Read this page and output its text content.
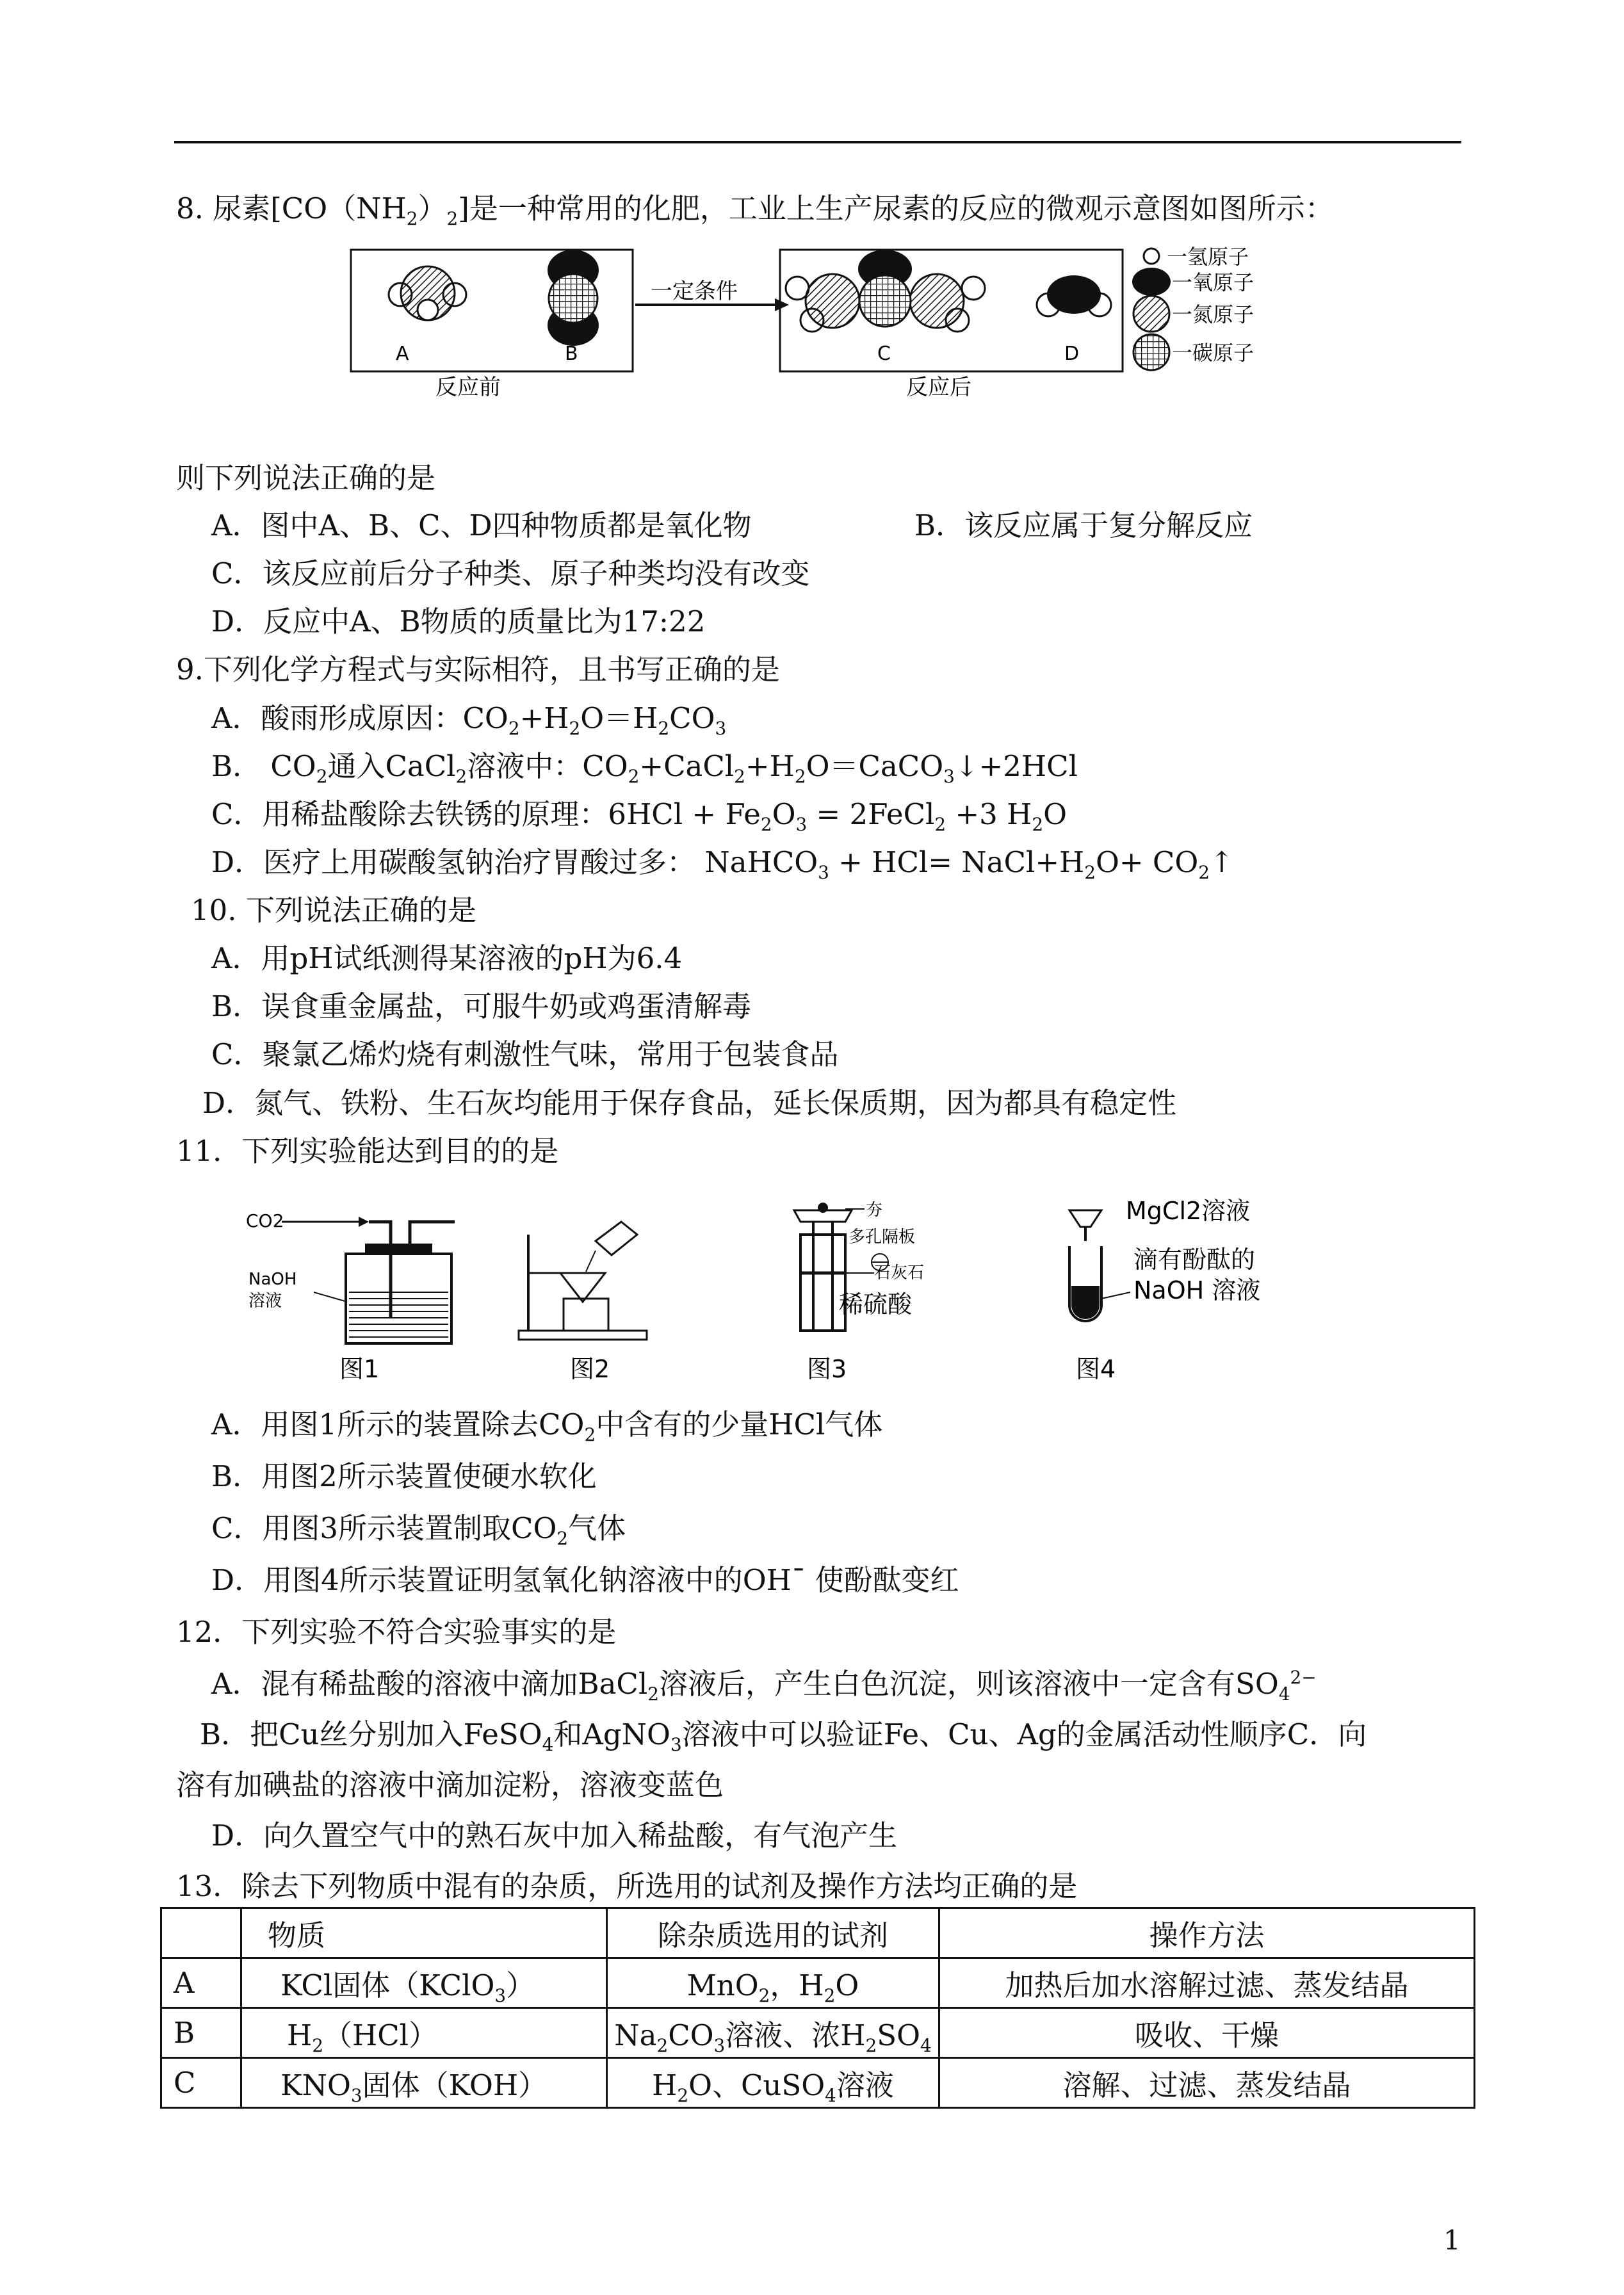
8. 尿素$[CO(NH_2)_2]$是一种常用的化肥，工业上生产尿素的反应的微观示意图如图所示：
A	B
反应前
一定条件
C	D
反应后
一氢原子
一氧原子
一氮原子
一碳原子
则下列说法正确的是
A．图中A、B、C、D四种物质都是氧化物	B．该反应属于复分解反应
C．该反应前后分子种类、原子种类均没有改变
D．反应中A、B物质的质量比为17:22
9.下列化学方程式与实际相符，且书写正确的是
A．酸雨形成原因：$CO_2+H_2O=H_2CO_3$
B． $CO_2$通入CaCl$_2$溶液中：$CO_2+CaCl_2+H_2O=CaCO_3↓+2HCl$
C．用稀盐酸除去铁锈的原理：$6HCl + Fe_2O_3$ = 2FeCl$_2$ +3 $H_2O$
D．医疗上用碳酸氢钠治疗胃酸过多： NaHCO$_3$ + $HCl= NaCl+H_2O+$ $CO_2↑$
10. 下列说法正确的是
A．用pH试纸测得某溶液的pH为6.4
B．误食重金属盐，可服牛奶或鸡蛋清解毒
C．聚氯乙烯灼烧有刺激性气味，常用于包装食品
D．氮气、铁粉、生石灰均能用于保存食品，延长保质期，因为都具有稳定性
11．下列实验能达到目的的是
CO2
NaOH
溶液
图1	图2
夯
多孔隔板
石灰石
稀硫酸
图3
MgCl2溶液
滴有酚酞的
NaOH 溶液
图4
A．用图1所示的装置除去$CO_2$中含有的少量HCl气体
B．用图2所示装置使硬水软化
C．用图3所示装置制取$CO_2$气体
D．用图4所示装置证明氢氧化钠溶液中的OH¯ 使酚酞变红
12．下列实验不符合实验事实的是
A．混有稀盐酸的溶液中滴加BaCl$_2$溶液后，产生白色沉淀，则该溶液中一定含有$SO_4^{2-}$
B．把Cu丝分别加入FeSO$_4$和AgNO$_3$溶液中可以验证Fe、Cu、Ag的金属活动性顺序C．向
溶有加碘盐的溶液中滴加淀粉，溶液变蓝色
D．向久置空气中的熟石灰中加入稀盐酸，有气泡产生
13．除去下列物质中混有的杂质，所选用的试剂及操作方法均正确的是
	物质	除杂质选用的试剂	操作方法
A	KCl固体（KClO$_3$）	MnO$_2$，$H_2O$	加热后加水溶解过滤、蒸发结晶
B	$H_2(HCl)$	$Na_2CO_3$溶液、浓$H_2SO_4$	吸收、干燥
C	$KNO_3$固体（KOH）	$H_2O$、CuSO$_4$溶液	溶解、过滤、蒸发结晶
1
